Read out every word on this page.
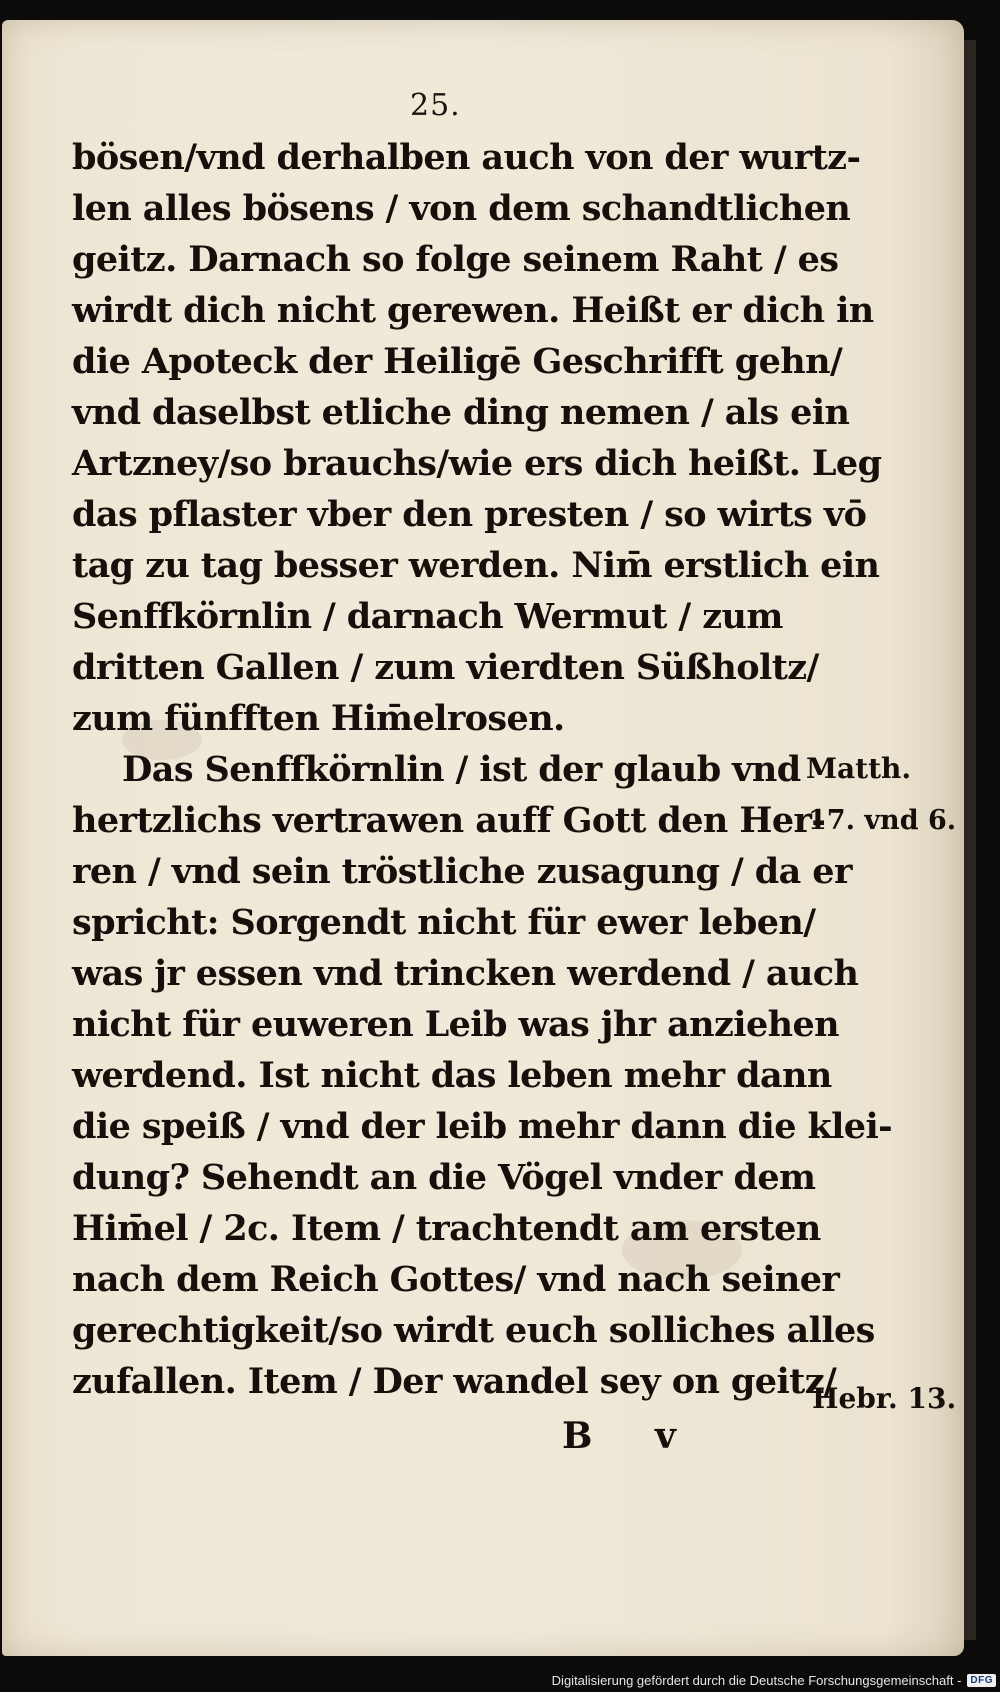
25.
bösen/vnd derhalben auch von der wurtz-
len alles bösens / von dem schandtlichen
geitz. Darnach so folge seinem Raht / es
wirdt dich nicht gerewen. Heißt er dich in
die Apoteck der Heiligē Geschrifft gehn/
vnd daselbst etliche ding nemen / als ein
Artzney/so brauchs/wie ers dich heißt. Leg
das pflaster vber den presten / so wirts vō
tag zu tag besser werden. Nim̄ erstlich ein
Senffkörnlin / darnach Wermut / zum
dritten Gallen / zum vierdten Süßholtz/
zum fünfften Him̄elrosen.
Das Senffkörnlin / ist der glaub vnd
hertzlichs vertrawen auff Gott den Her-
ren / vnd sein tröstliche zusagung / da er
spricht: Sorgendt nicht für ewer leben/
was jr essen vnd trincken werdend / auch
nicht für euweren Leib was jhr anziehen
werdend. Ist nicht das leben mehr dann
die speiß / vnd der leib mehr dann die klei-
dung? Sehendt an die Vögel vnder dem
Him̄el / 2c. Item / trachtendt am ersten
nach dem Reich Gottes/ vnd nach seiner
gerechtigkeit/so wirdt euch solliches alles
zufallen. Item / Der wandel sey on geitz/
Matth.
17. vnd 6.
Hebr. 13.
B v
Digitalisierung gefördert durch die Deutsche Forschungsgemeinschaft - DFG
